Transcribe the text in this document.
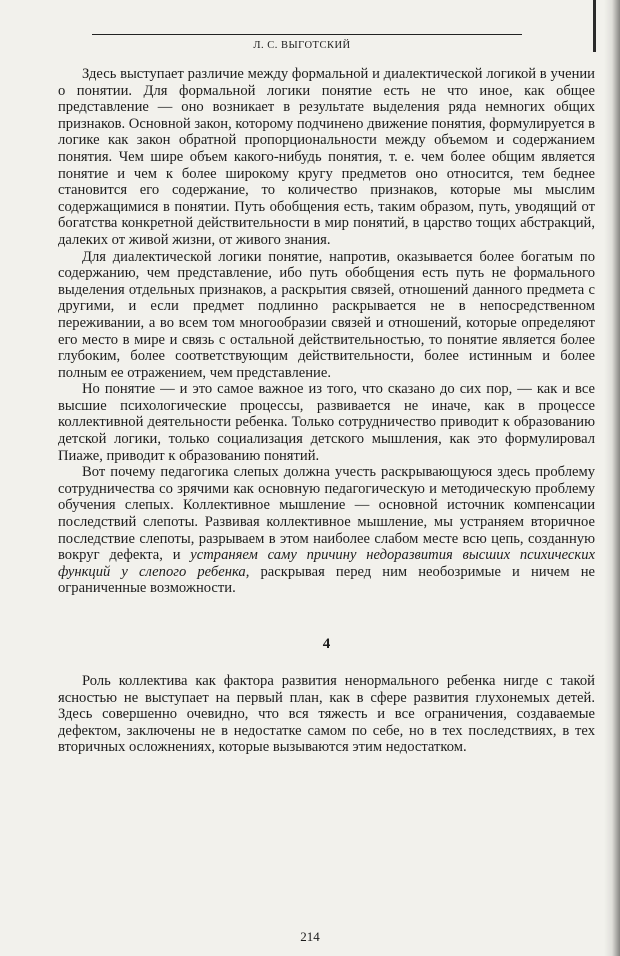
Л. С. ВЫГОТСКИЙ

Здесь выступает различие между формальной и диалектической логикой в учении о понятии. Для формальной логики понятие есть не что иное, как общее представление — оно возникает в результате выделения ряда немногих общих признаков. Основной закон, которому подчинено движение понятия, формулируется в логике как закон обратной пропорциональности между объемом и содержанием понятия. Чем шире объем какого-нибудь понятия, т. е. чем более общим является понятие и чем к более широкому кругу предметов оно относится, тем беднее становится его содержание, то количество признаков, которые мы мыслим содержащимися в понятии. Путь обобщения есть, таким образом, путь, уводящий от богатства конкретной действительности в мир понятий, в царство тощих абстракций, далеких от живой жизни, от живого знания.

Для диалектической логики понятие, напротив, оказывается более богатым по содержанию, чем представление, ибо путь обобщения есть путь не формального выделения отдельных признаков, а раскрытия связей, отношений данного предмета с другими, и если предмет подлинно раскрывается не в непосредственном переживании, а во всем том многообразии связей и отношений, которые определяют его место в мире и связь с остальной действительностью, то понятие является более глубоким, более соответствующим действительности, более истинным и более полным ее отражением, чем представление.

Но понятие — и это самое важное из того, что сказано до сих пор, — как и все высшие психологические процессы, развивается не иначе, как в процессе коллективной деятельности ребенка. Только сотрудничество приводит к образованию детской логики, только социализация детского мышления, как это формулировал Пиаже, приводит к образованию понятий.

Вот почему педагогика слепых должна учесть раскрывающуюся здесь проблему сотрудничества со зрячими как основную педагогическую и методическую проблему обучения слепых. Коллективное мышление — основной источник компенсации последствий слепоты. Развивая коллективное мышление, мы устраняем вторичное последствие слепоты, разрываем в этом наиболее слабом месте всю цепь, созданную вокруг дефекта, и устраняем саму причину недоразвития высших психических функций у слепого ребенка, раскрывая перед ним необозримые и ничем не ограниченные возможности.

4

Роль коллектива как фактора развития ненормального ребенка нигде с такой ясностью не выступает на первый план, как в сфере развития глухонемых детей. Здесь совершенно очевидно, что вся тяжесть и все ограничения, создаваемые дефектом, заключены не в недостатке самом по себе, но в тех последствиях, в тех вторичных осложнениях, которые вызываются этим недостатком.

214
